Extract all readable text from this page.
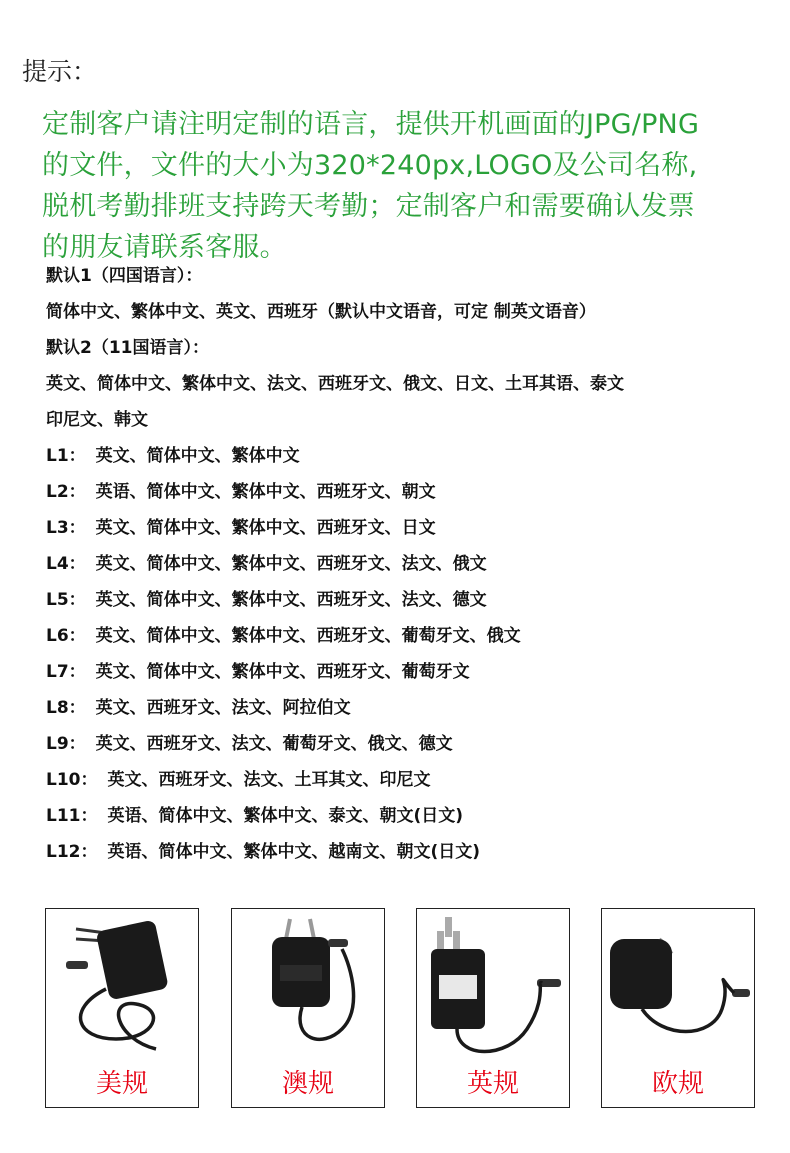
提示：
定制客户请注明定制的语言，提供开机画面的JPG/PNG
的文件，文件的大小为320*240px,LOGO及公司名称,
脱机考勤排班支持跨天考勤；定制客户和需要确认发票
的朋友请联系客服。
默认1（四国语言）：
简体中文、繁体中文、英文、西班牙（默认中文语音，可定 制英文语音）
默认2（11国语言）：
英文、简体中文、繁体中文、法文、西班牙文、俄文、日文、土耳其语、泰文
印尼文、韩文
L1： 英文、简体中文、繁体中文
L2： 英语、简体中文、繁体中文、西班牙文、朝文
L3： 英文、简体中文、繁体中文、西班牙文、日文
L4： 英文、简体中文、繁体中文、西班牙文、法文、俄文
L5： 英文、简体中文、繁体中文、西班牙文、法文、德文
L6： 英文、简体中文、繁体中文、西班牙文、葡萄牙文、俄文
L7： 英文、简体中文、繁体中文、西班牙文、葡萄牙文
L8： 英文、西班牙文、法文、阿拉伯文
L9： 英文、西班牙文、法文、葡萄牙文、俄文、德文
L10： 英文、西班牙文、法文、土耳其文、印尼文
L11： 英语、简体中文、繁体中文、泰文、朝文(日文)
L12： 英语、简体中文、繁体中文、越南文、朝文(日文)
美规	澳规	英规	欧规
